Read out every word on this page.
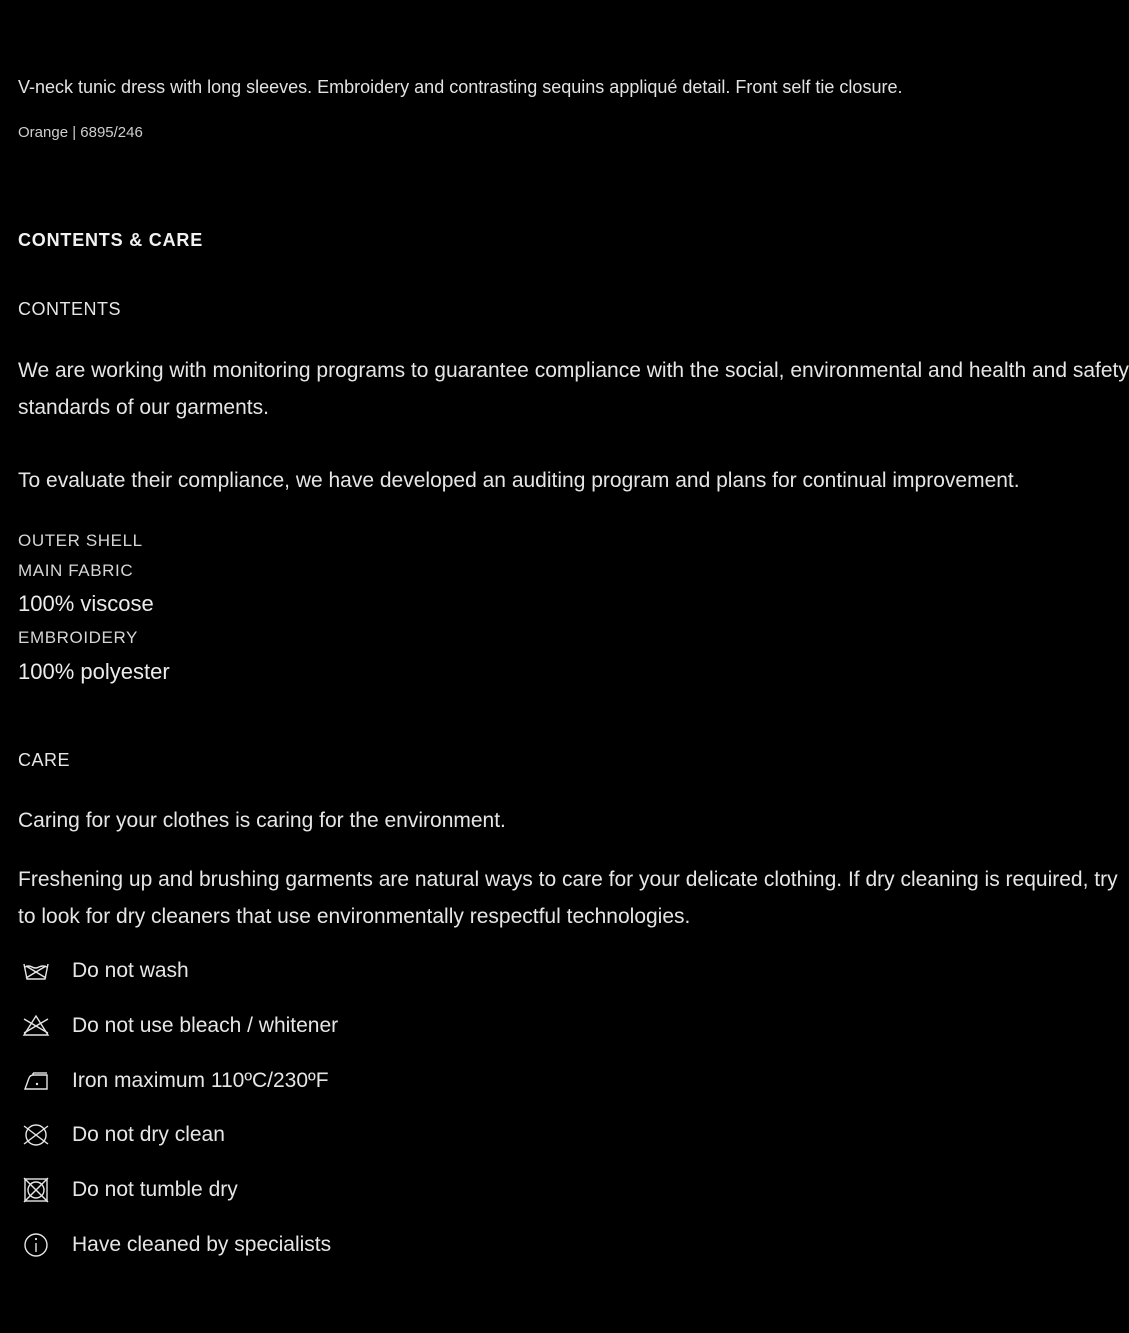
V-neck tunic dress with long sleeves. Embroidery and contrasting sequins appliqué detail. Front self tie closure.
Orange | 6895/246
CONTENTS & CARE
CONTENTS
We are working with monitoring programs to guarantee compliance with the social, environmental and health and safety
standards of our garments.
To evaluate their compliance, we have developed an auditing program and plans for continual improvement.
OUTER SHELL
MAIN FABRIC
100% viscose
EMBROIDERY
100% polyester
CARE
Caring for your clothes is caring for the environment.
Freshening up and brushing garments are natural ways to care for your delicate clothing. If dry cleaning is required, try
to look for dry cleaners that use environmentally respectful technologies.
Do not wash
Do not use bleach / whitener
Iron maximum 110ºC/230ºF
Do not dry clean
Do not tumble dry
Have cleaned by specialists
